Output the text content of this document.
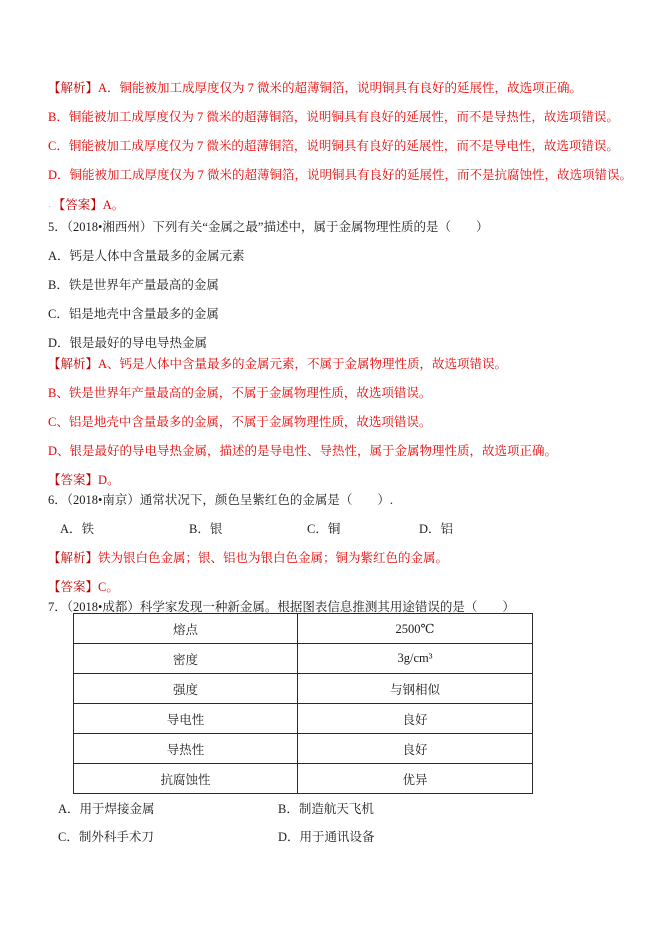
【解析】A．铜能被加工成厚度仅为 7 微米的超薄铜箔，说明铜具有良好的延展性，故选项正确。

B．铜能被加工成厚度仅为 7 微米的超薄铜箔，说明铜具有良好的延展性，而不是导热性，故选项错误。

C．铜能被加工成厚度仅为 7 微米的超薄铜箔，说明铜具有良好的延展性，而不是导电性，故选项错误。

D．铜能被加工成厚度仅为 7 微米的超薄铜箔，说明铜具有良好的延展性，而不是抗腐蚀性，故选项错误。

． 【答案】A。

5．（2018•湘西州）下列有关“金属之最”描述中，属于金属物理性质的是（　　）

A．钙是人体中含量最多的金属元素

B．铁是世界年产量最高的金属

C．铝是地壳中含量最多的金属

D．银是最好的导电导热金属

【解析】A、钙是人体中含量最多的金属元素，不属于金属物理性质，故选项错误。

B、铁是世界年产量最高的金属，不属于金属物理性质，故选项错误。

C、铝是地壳中含量最多的金属，不属于金属物理性质，故选项错误。

D、银是最好的导电导热金属，描述的是导电性、导热性，属于金属物理性质，故选项正确。

【答案】D。

6．（2018•南京）通常状况下，颜色呈紫红色的金属是（　　）.

A．铁	B．银	C．铜	D．铝

【解析】铁为银白色金属；银、铝也为银白色金属；铜为紫红色的金属。

【答案】C。

7．（2018•成都）科学家发现一种新金属。根据图表信息推测其用途错误的是（　　）

熔点	2500℃
密度	3g/cm³
强度	与钢相似
导电性	良好
导热性	良好
抗腐蚀性	优异

A．用于焊接金属	B．制造航天飞机

C．制外科手术刀	D．用于通讯设备
